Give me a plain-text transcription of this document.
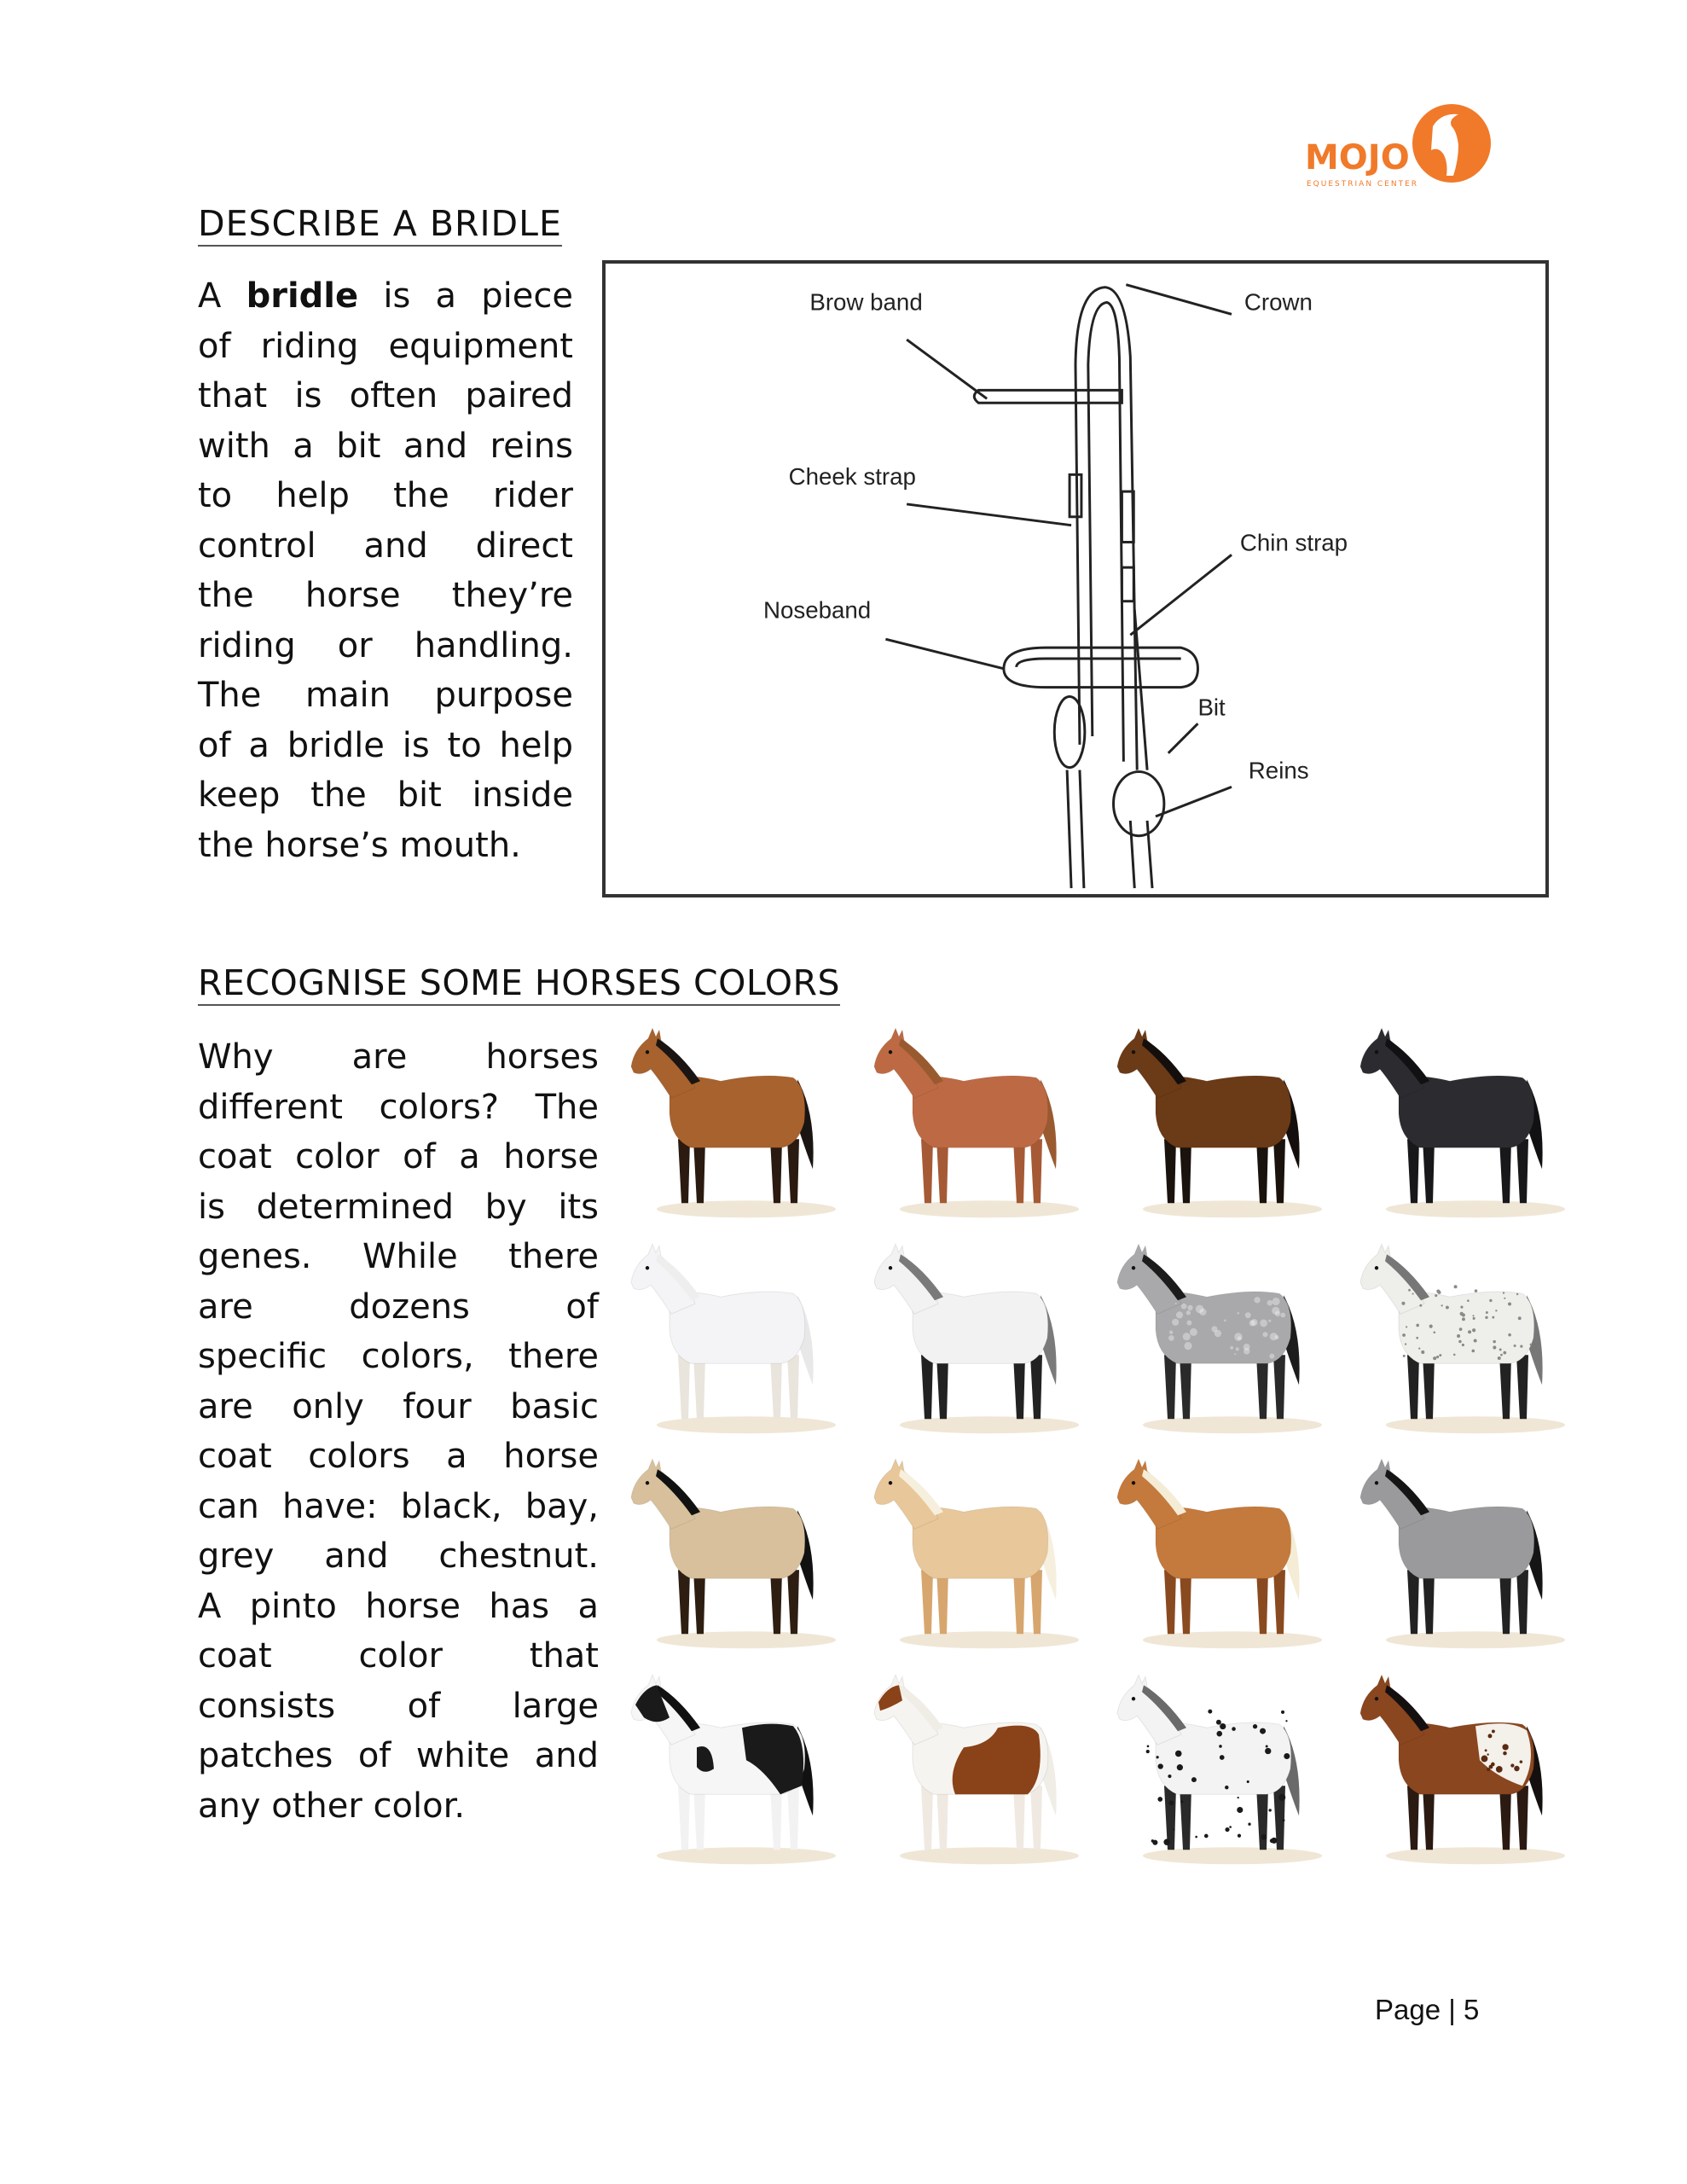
MOJO
EQUESTRIAN CENTER
DESCRIBE A BRIDLE
A bridle is a piece
of riding equipment
that is often paired
with a bit and reins
to help the rider
control and direct
the horse they’re
riding or handling.
The main purpose
of a bridle is to help
keep the bit inside
the horse’s mouth.
Brow band	Crown
Cheek strap
Chin strap
Noseband
Bit
Reins
RECOGNISE SOME HORSES COLORS
Why are horses
different colors? The
coat color of a horse
is determined by its
genes. While there
are dozens of
specific colors, there
are only four basic
coat colors a horse
can have: black, bay,
grey and chestnut.
A pinto horse has a
coat color that
consists of large
patches of white and
any other color.
Page | 5
